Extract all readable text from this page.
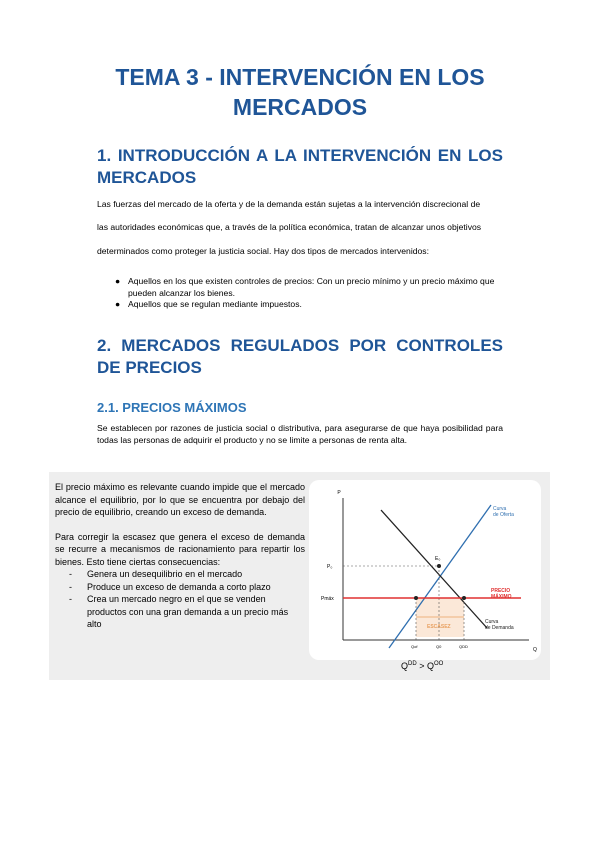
TEMA 3 - INTERVENCIÓN EN LOS MERCADOS
1. INTRODUCCIÓN A LA INTERVENCIÓN EN LOS MERCADOS

Las fuerzas del mercado de la oferta y de la demanda están sujetas a la intervención discrecional de

las autoridades económicas que, a través de la política económica, tratan de alcanzar unos objetivos

determinados como proteger la justicia social. Hay dos tipos de mercados intervenidos:

● Aquellos en los que existen controles de precios: Con un precio mínimo y un precio máximo que pueden alcanzar los bienes.
● Aquellos que se regulan mediante impuestos.
2. MERCADOS REGULADOS POR CONTROLES DE PRECIOS
2.1. PRECIOS MÁXIMOS

Se establecen por razones de justicia social o distributiva, para asegurarse de que haya posibilidad para todas las personas de adquirir el producto y no se limite a personas de renta alta.

El precio máximo es relevante cuando impide que el mercado alcance el equilibrio, por lo que se encuentra por debajo del precio de equilibrio, creando un exceso de demanda.

Para corregir la escasez que genera el exceso de demanda se recurre a mecanismos de racionamiento para repartir los bienes. Esto tiene ciertas consecuencias:

- Genera un desequilibrio en el mercado
- Produce un exceso de demanda a corto plazo
- Crea un mercado negro en el que se venden productos con una gran demanda a un precio más alto
P
Q
E₀
P₀
Pmáx
Curva de Oferta
Curva de Demanda
PRECIO MÁXIMO
ESCASEZ
Qof	Q0	QDD
$Q^{DD} > Q^{OO}$
